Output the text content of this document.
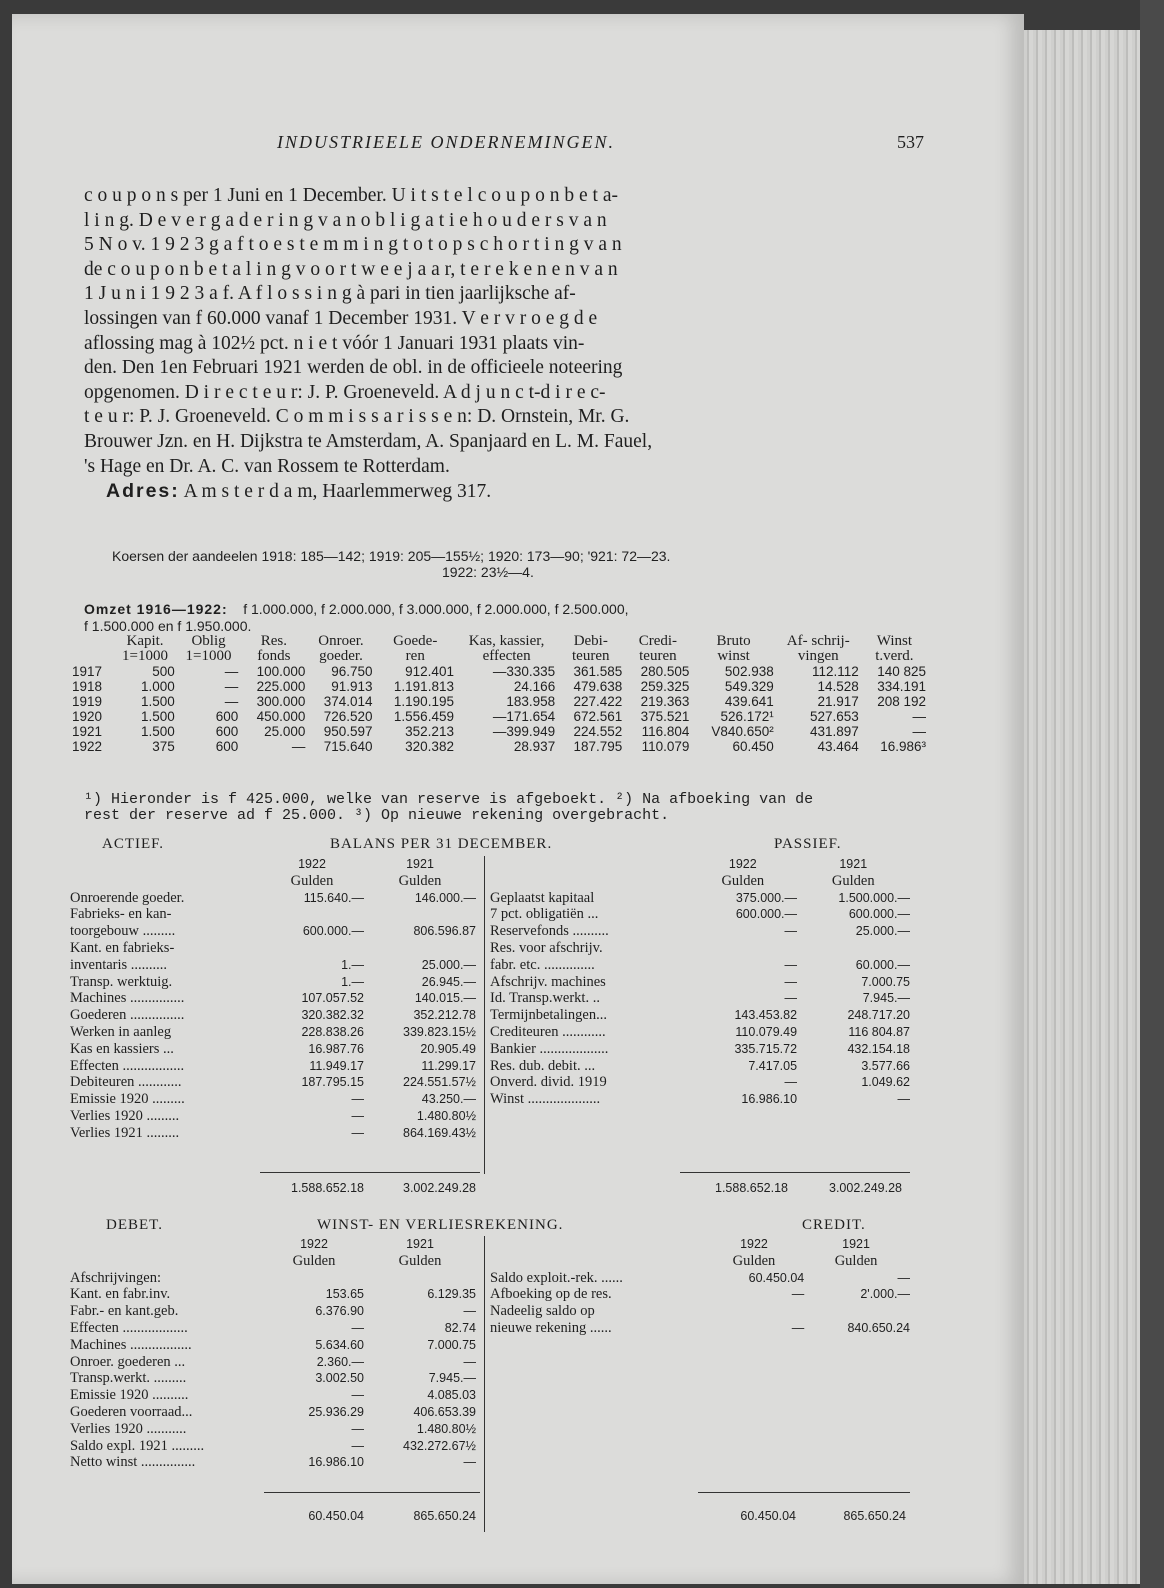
INDUSTRIEELE ONDERNEMINGEN.	537
c o u p o n s per 1 Juni en 1 December. U i t s t e l c o u p o n b e t a-
l i n g. D e v e r g a d e r i n g v a n o b l i g a t i e h o u d e r s v a n
5 N o v. 1 9 2 3 g a f t o e s t e m m i n g t o t o p s c h o r t i n g v a n
de c o u p o n b e t a l i n g v o o r t w e e j a a r, t e r e k e n e n v a n
1 J u n i 1 9 2 3 a f. A f l o s s i n g à pari in tien jaarlijksche af-
lossingen van f 60.000 vanaf 1 December 1931. V e r v r o e g d e
aflossing mag à 102½ pct. n i e t vóór 1 Januari 1931 plaats vin-
den. Den 1en Februari 1921 werden de obl. in de officieele noteering
opgenomen. D i r e c t e u r: J. P. Groeneveld. A d j u n c t-d i r e c-
t e u r: P. J. Groeneveld. C o m m i s s a r i s s e n: D. Ornstein, Mr. G.
Brouwer Jzn. en H. Dijkstra te Amsterdam, A. Spanjaard en L. M. Fauel,
's Hage en Dr. A. C. van Rossem te Rotterdam.
Adres: A m s t e r d a m, Haarlemmerweg 317.
Koersen der aandeelen 1918: 185—142; 1919: 205—155½; 1920: 173—90; '921: 72—23.
1922: 23½—4.
Omzet 1916—1922: f 1.000.000, f 2.000.000, f 3.000.000, f 2.000.000, f 2.500.000,
f 1.500.000 en f 1.950.000.
	Kapit.	Oblig	Res.	Onroer.	Goede-	Kas, kassier,	Debi-	Credi-	Bruto	Af- schrij-	Winst
	1=1000	1=1000	fonds	goeder.	ren	effecten	teuren	teuren	winst	vingen	t.verd.
1917	500	—	100.000	96.750	912.401	—330.335	361.585	280.505	502.938	112.112	140 825
1918	1.000	—	225.000	91.913	1.191.813	24.166	479.638	259.325	549.329	14.528	334.191
1919	1.500	—	300.000	374.014	1.190.195	183.958	227.422	219.363	439.641	21.917	208 192
1920	1.500	600	450.000	726.520	1.556.459	—171.654	672.561	375.521	526.172¹	527.653	—
1921	1.500	600	25.000	950.597	352.213	—399.949	224.552	116.804	V840.650²	431.897	—
1922	375	600	—	715.640	320.382	28.937	187.795	110.079	60.450	43.464	16.986³
¹) Hieronder is f 425.000, welke van reserve is afgeboekt. ²) Na afboeking van de
rest der reserve ad f 25.000. ³) Op nieuwe rekening overgebracht.
ACTIEF.	BALANS PER 31 DECEMBER.	PASSIEF.
1922	1921
Gulden	Gulden
Onroerende goeder.	115.640.—	146.000.—
Fabrieks- en kan-
toorgebouw .........	600.000.—	806.596.87
Kant. en fabrieks-
inventaris ..........	1.—	25.000.—
Transp. werktuig.	1.—	26.945.—
Machines ...............	107.057.52	140.015.—
Goederen ...............	320.382.32	352.212.78
Werken in aanleg	228.838.26	339.823.15½
Kas en kassiers ...	16.987.76	20.905.49
Effecten .................	11.949.17	11.299.17
Debiteuren ............	187.795.15	224.551.57½
Emissie 1920 .........	—	43.250.—
Verlies 1920 .........	—	1.480.80½
Verlies 1921 .........	—	864.169.43½
1922	1921
Gulden	Gulden
Geplaatst kapitaal	375.000.—	1.500.000.—
7 pct. obligatiën ...	600.000.—	600.000.—
Reservefonds ..........	—	25.000.—
Res. voor afschrijv.
fabr. etc. ..............	—	60.000.—
Afschrijv. machines	—	7.000.75
Id. Transp.werkt. ..	—	7.945.—
Termijnbetalingen...	143.453.82	248.717.20
Crediteuren ............	110.079.49	116 804.87
Bankier ...................	335.715.72	432.154.18
Res. dub. debit. ...	7.417.05	3.577.66
Onverd. divid. 1919	—	1.049.62
Winst ....................	16.986.10	—
1.588.652.18	3.002.249.28	1.588.652.18	3.002.249.28
DEBET.	WINST- EN VERLIESREKENING.	CREDIT.
1922	1921
Gulden	Gulden
Afschrijvingen:
Kant. en fabr.inv.	153.65	6.129.35
Fabr.- en kant.geb.	6.376.90	—
Effecten ..................	—	82.74
Machines .................	5.634.60	7.000.75
Onroer. goederen ...	2.360.—	—
Transp.werkt. .........	3.002.50	7.945.—
Emissie 1920 ..........	—	4.085.03
Goederen voorraad...	25.936.29	406.653.39
Verlies 1920 ...........	—	1.480.80½
Saldo expl. 1921 .........	—	432.272.67½
Netto winst ...............	16.986.10	—
1922	1921
Gulden	Gulden
Saldo exploit.-rek. ......	60.450.04	—
Afboeking op de res.	—	2'.000.—
Nadeelig saldo op
nieuwe rekening ......	—	840.650.24
60.450.04	865.650.24	60.450.04	865.650.24
